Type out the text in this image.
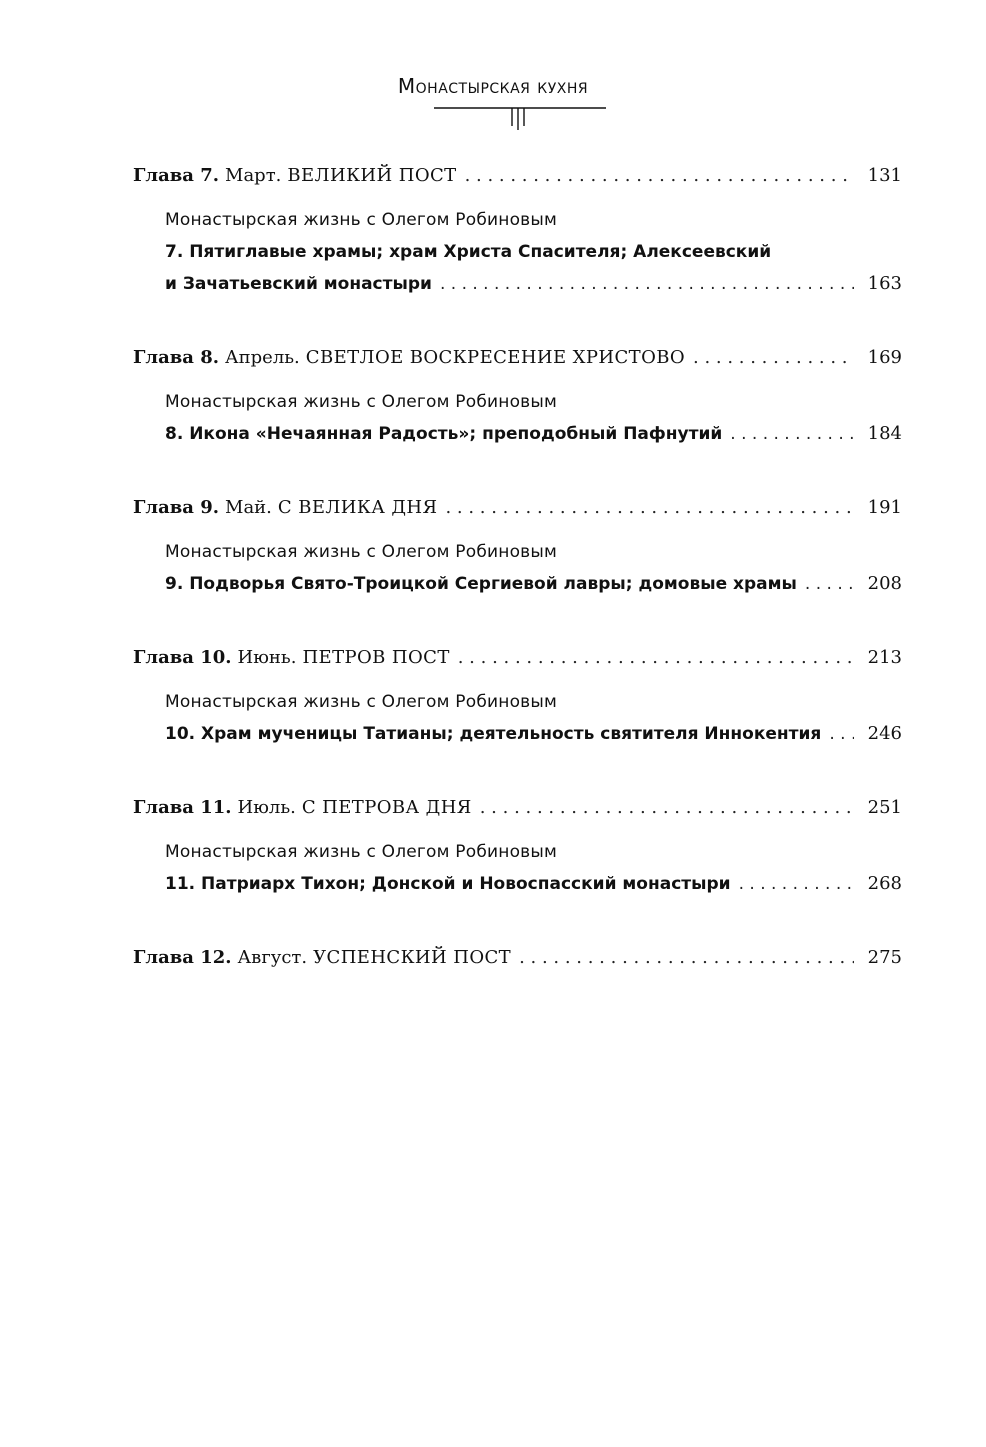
Монастырская кухня
Глава 7. Март. ВЕЛИКИЙ ПОСТ . . .	131
Монастырская жизнь с Олегом Робиновым
7. Пятиглавые храмы; храм Христа Спасителя; Алексеевский
и Зачатьевский монастыри . . .	163
Глава 8. Апрель. СВЕТЛОЕ ВОСКРЕСЕНИЕ ХРИСТОВО . . .	169
Монастырская жизнь с Олегом Робиновым
8. Икона «Нечаянная Радость»; преподобный Пафнутий . . .	184
Глава 9. Май. С ВЕЛИКА ДНЯ . . .	191
Монастырская жизнь с Олегом Робиновым
9. Подворья Свято-Троицкой Сергиевой лавры; домовые храмы . . .	208
Глава 10. Июнь. ПЕТРОВ ПОСТ . . .	213
Монастырская жизнь с Олегом Робиновым
10. Храм мученицы Татианы; деятельность святителя Иннокентия . . .	246
Глава 11. Июль. С ПЕТРОВА ДНЯ . . .	251
Монастырская жизнь с Олегом Робиновым
11. Патриарх Тихон; Донской и Новоспасский монастыри . . .	268
Глава 12. Август. УСПЕНСКИЙ ПОСТ . . .	275
